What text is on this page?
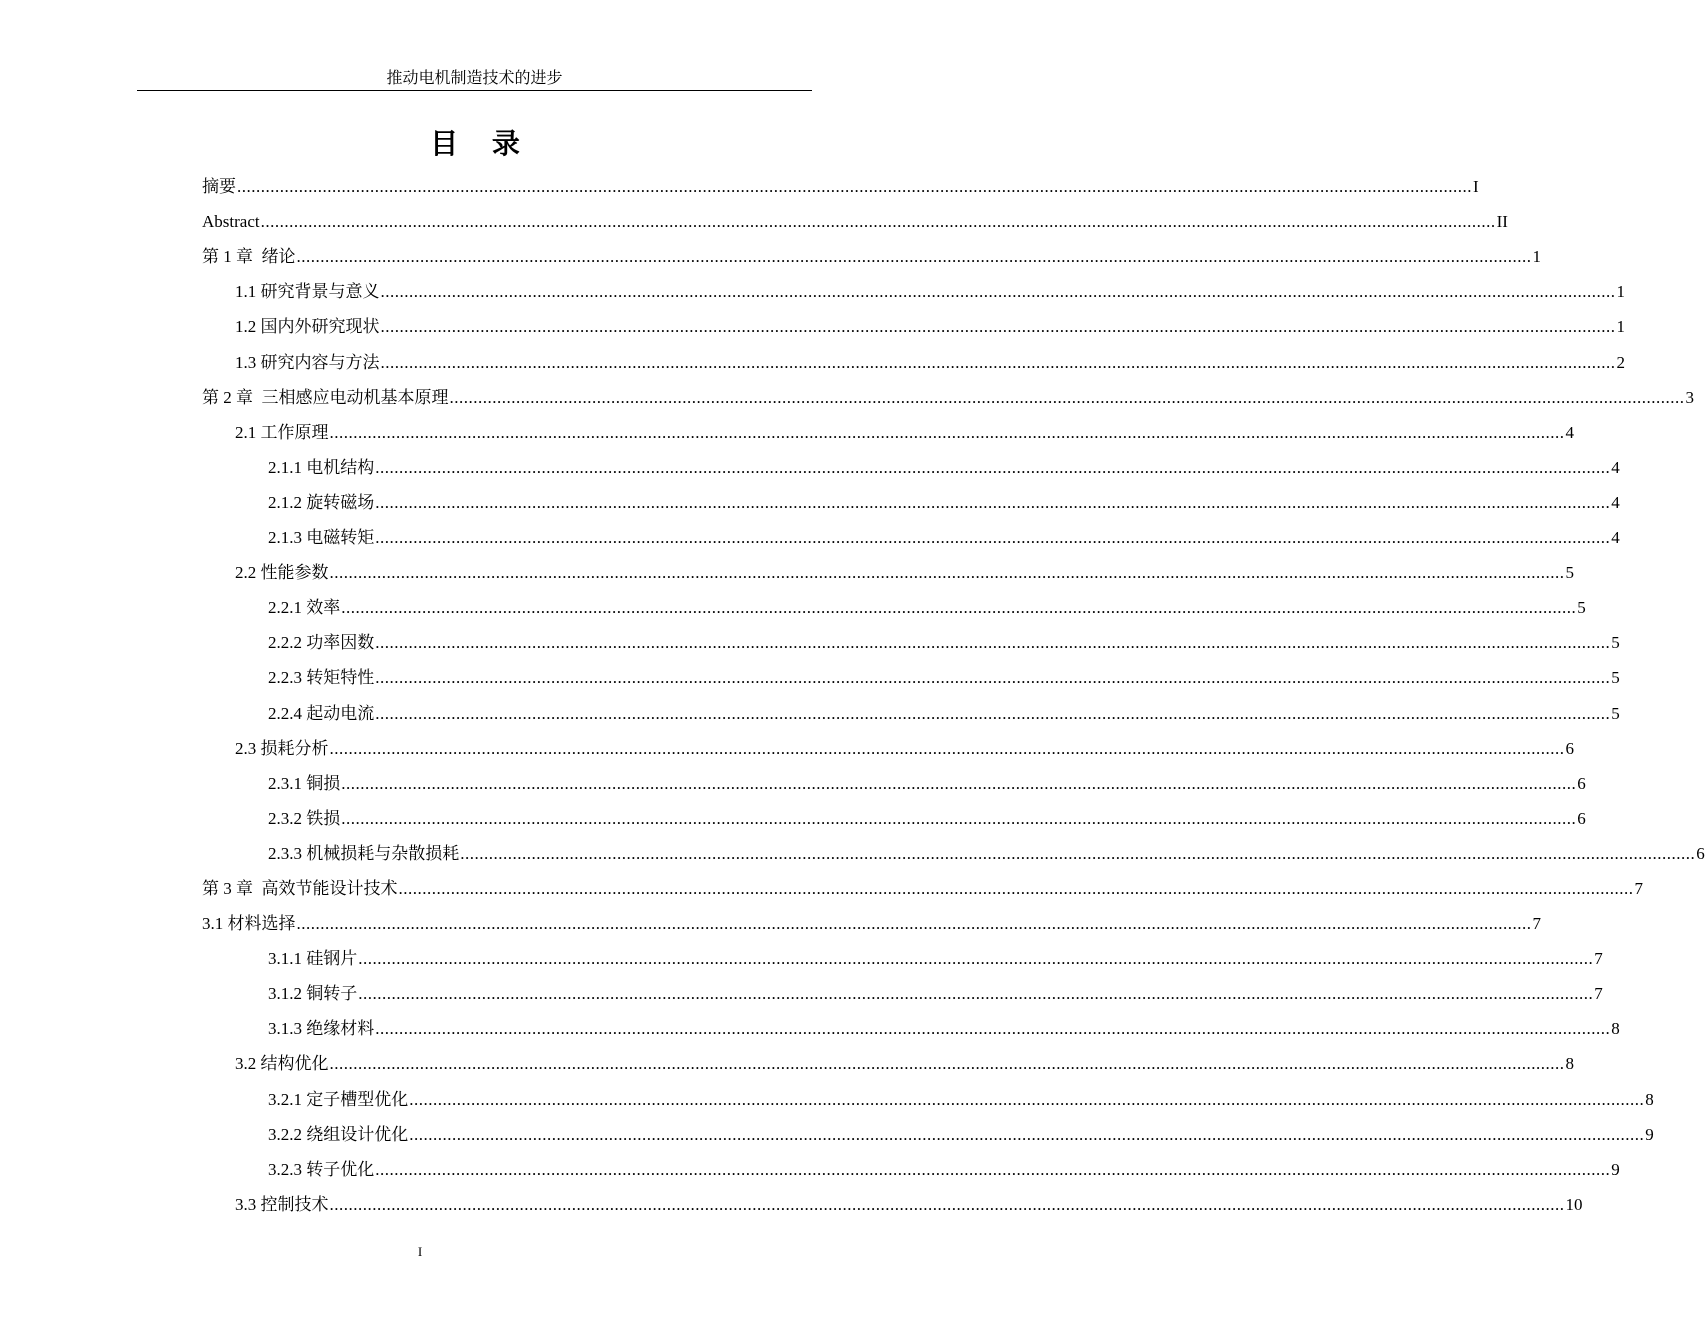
推动电机制造技术的进步
目 录
摘要 .................................................................................................................................................................................................................................................................... I
Abstract .................................................................................................................................................................................................................................................................... II
第 1 章  绪论 .................................................................................................................................................................................................................................................................... 1
1.1 研究背景与意义 .................................................................................................................................................................................................................................................................... 1
1.2 国内外研究现状 .................................................................................................................................................................................................................................................................... 1
1.3 研究内容与方法 .................................................................................................................................................................................................................................................................... 2
第 2 章  三相感应电动机基本原理 .................................................................................................................................................................................................................................................................... 3
2.1 工作原理 .................................................................................................................................................................................................................................................................... 4
2.1.1 电机结构 .................................................................................................................................................................................................................................................................... 4
2.1.2 旋转磁场 .................................................................................................................................................................................................................................................................... 4
2.1.3 电磁转矩 .................................................................................................................................................................................................................................................................... 4
2.2 性能参数 .................................................................................................................................................................................................................................................................... 5
2.2.1 效率 .................................................................................................................................................................................................................................................................... 5
2.2.2 功率因数 .................................................................................................................................................................................................................................................................... 5
2.2.3 转矩特性 .................................................................................................................................................................................................................................................................... 5
2.2.4 起动电流 .................................................................................................................................................................................................................................................................... 5
2.3 损耗分析 .................................................................................................................................................................................................................................................................... 6
2.3.1 铜损 .................................................................................................................................................................................................................................................................... 6
2.3.2 铁损 .................................................................................................................................................................................................................................................................... 6
2.3.3 机械损耗与杂散损耗 .................................................................................................................................................................................................................................................................... 6
第 3 章  高效节能设计技术 .................................................................................................................................................................................................................................................................... 7
3.1 材料选择 .................................................................................................................................................................................................................................................................... 7
3.1.1 硅钢片 .................................................................................................................................................................................................................................................................... 7
3.1.2 铜转子 .................................................................................................................................................................................................................................................................... 7
3.1.3 绝缘材料 .................................................................................................................................................................................................................................................................... 8
3.2 结构优化 .................................................................................................................................................................................................................................................................... 8
3.2.1 定子槽型优化 .................................................................................................................................................................................................................................................................... 8
3.2.2 绕组设计优化 .................................................................................................................................................................................................................................................................... 9
3.2.3 转子优化 .................................................................................................................................................................................................................................................................... 9
3.3 控制技术 .................................................................................................................................................................................................................................................................... 10
I
